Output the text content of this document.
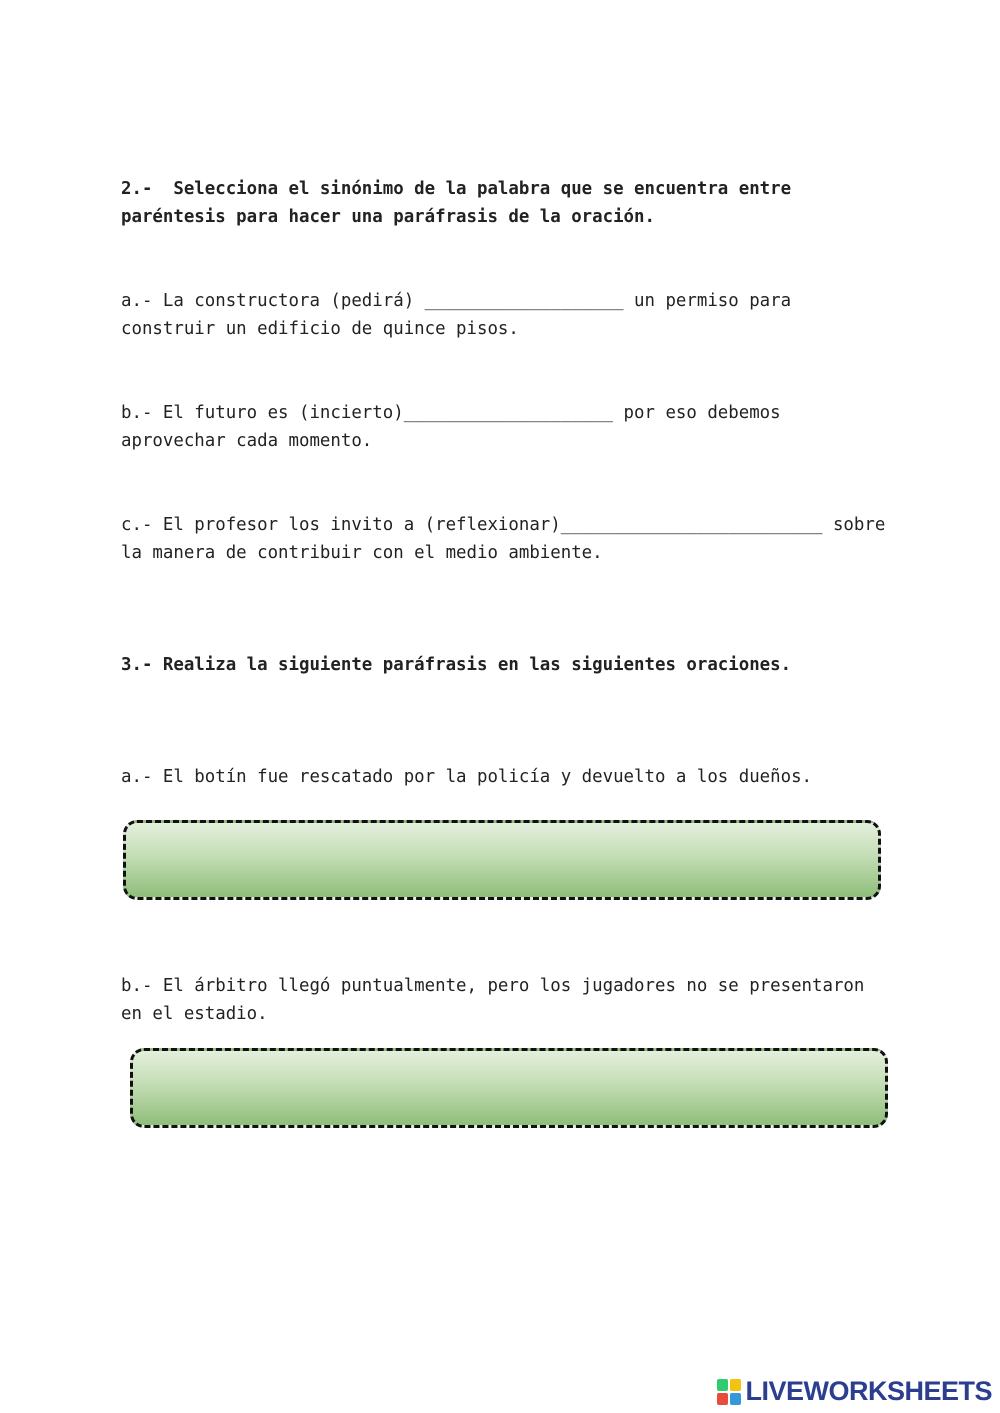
2.-  Selecciona el sinónimo de la palabra que se encuentra entre paréntesis para hacer una paráfrasis de la oración.

a.- La constructora (pedirá) ___________________ un permiso para construir un edificio de quince pisos.

b.- El futuro es (incierto)____________________ por eso debemos aprovechar cada momento.

c.- El profesor los invito a (reflexionar)_________________________ sobre la manera de contribuir con el medio ambiente.

3.- Realiza la siguiente paráfrasis en las siguientes oraciones.

a.- El botín fue rescatado por la policía y devuelto a los dueños.

b.- El árbitro llegó puntualmente, pero los jugadores no se presentaron en el estadio.

LIVEWORKSHEETS
